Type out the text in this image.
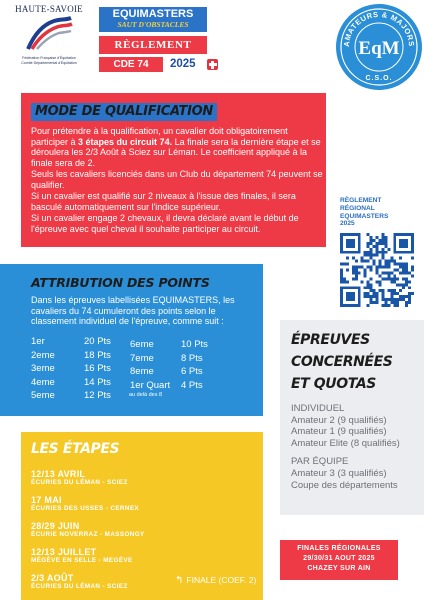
HAUTE-SAVOIE
Fédération Française d'Équitation
Comité Départemental d'Équitation
EQUIMASTERS
SAUT D'OBSTACLES
RÈGLEMENT
CDE 74	2025
AMATEURS & MAJORS
EqM
C.S.O.
MODE DE QUALIFICATION

Pour prétendre à la qualification, un cavalier doit obligatoirement participer à 3 étapes du circuit 74. La finale sera la dernière étape et se déroulera les 2/3 Août à Sciez sur Léman. Le coefficient appliqué à la finale sera de 2.

Seuls les cavaliers licenciés dans un Club du département 74 peuvent se qualifier.

Si un cavalier est qualifié sur 2 niveaux à l'issue des finales, il sera basculé automatiquement sur l'indice supérieur.

Si un cavalier engage 2 chevaux, il devra déclaré avant le début de l'épreuve avec quel cheval il souhaite participer au circuit.

RÈGLEMENT
RÉGIONAL
EQUIMASTERS
2025
ATTRIBUTION DES POINTS
Dans les épreuves labellisées EQUIMASTERS, les cavaliers du 74 cumuleront des points selon le classement individuel de l'épreuve, comme suit :
1er
2eme
3eme
4eme
5eme
20 Pts
18 Pts
16 Pts
14 Pts
12 Pts
6eme
7eme
8eme
1er Quart
10 Pts
8 Pts
6 Pts
4 Pts
au delà des 8
ÉPREUVES
CONCERNÉES
ET QUOTAS
INDIVIDUEL
Amateur 2 (9 qualifiés)
Amateur 1 (9 qualifiés)
Amateur Elite (8 qualifiés)
PAR ÉQUIPE
Amateur 3 (3 qualifiés)
Coupe des départements
LES ÉTAPES
12/13 AVRIL
ÉCURIES DU LÉMAN - SCIEZ
17 MAI
ÉCURIES DES USSES - CERNEX
28/29 JUIN
ÉCURIE NOVERRAZ - MASSONGY
12/13 JUILLET
MÉGÈVE EN SELLE - MEGÈVE
2/3 AOÛT
ÉCURIES DU LÉMAN - SCIEZ
↰ FINALE (COEF. 2)
FINALES RÉGIONALES
29/30/31 AOUT 2025
CHAZEY SUR AIN
